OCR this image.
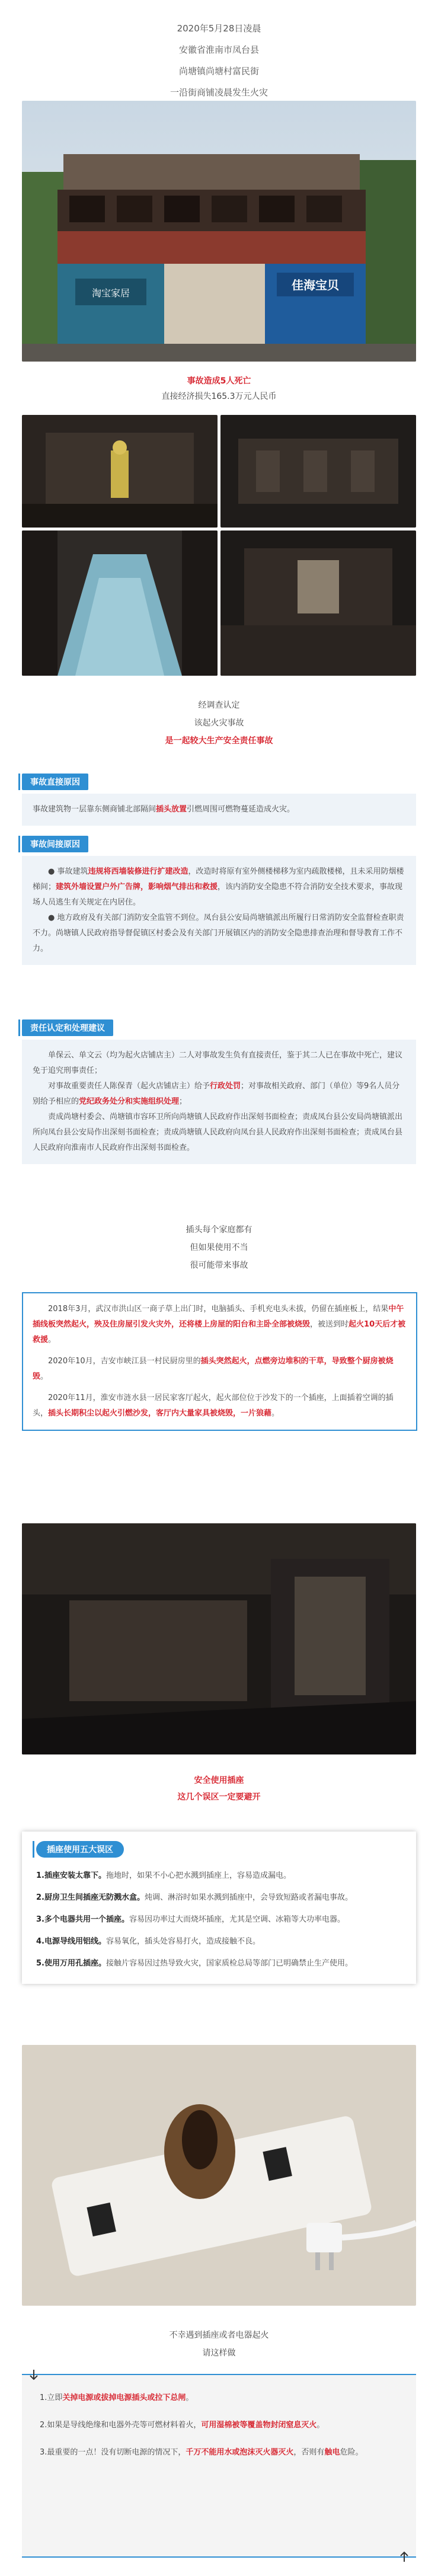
2020年5月28日凌晨

安徽省淮南市凤台县

尚塘镇尚塘村富民街

一沿街商铺凌晨发生火灾

佳海宝贝
淘宝家居

事故造成5人死亡

直接经济损失165.3万元人民币

经调查认定

该起火灾事故

是一起较大生产安全责任事故

事故直接原因

事故建筑物一层靠东侧商铺北部隔间插头放置引燃周围可燃物蔓延造成火灾。

事故间接原因

● 事故建筑违规将西墙装修进行扩建改造，改造时将原有室外侧楼梯移为室内疏散楼梯，且未采用防烟楼梯间；建筑外墙设置户外广告牌，影响烟气排出和救援，该内消防安全隐患不符合消防安全技术要求，事故现场人员逃生有关规定在内居住。

● 地方政府及有关部门消防安全监管不到位。凤台县公安局尚塘镇派出所履行日常消防安全监督检查职责不力。尚塘镇人民政府指导督促镇区村委会及有关部门开展镇区内的消防安全隐患排查治理和督导教育工作不力。

责任认定和处理建议

单保云、单文云（均为起火店铺店主）二人对事故发生负有直接责任，鉴于其二人已在事故中死亡，建议免于追究刑事责任；

对事故重要责任人陈保青（起火店铺店主）给予行政处罚；对事故相关政府、部门（单位）等9名人员分别给予相应的党纪政务处分和实施组织处理；

责成尚塘村委会、尚塘镇市容环卫所向尚塘镇人民政府作出深刻书面检查；责成凤台县公安局尚塘镇派出所向凤台县公安局作出深刻书面检查；责成尚塘镇人民政府向凤台县人民政府作出深刻书面检查；责成凤台县人民政府向淮南市人民政府作出深刻书面检查。

插头每个家庭都有

但如果使用不当

很可能带来事故

2018年3月，武汉市洪山区一商子草上出门时，电脑插头、手机充电头未拔，仍留在插座板上，结果中午插线板突然起火，殃及住房屋引发火灾外，还将楼上房屋的阳台和主卧全部被烧毁，被送到时起火10天后才被救援。

2020年10月，吉安市峡江县一村民厨房里的插头突然起火，点燃旁边堆积的干草，导致整个厨房被烧毁。

2020年11月，淮安市涟水县一居民家客厅起火，起火部位位于沙发下的一个插座，上面插着空调的插头，插头长期积尘以起火引燃沙发，客厅内大量家具被烧毁，一片狼藉。

安全使用插座

这几个误区一定要避开

插座使用五大误区

1.插座安装太靠下。拖地时，如果不小心把水溅到插座上，容易造成漏电。

2.厨房卫生间插座无防溅水盒。炖调、淋浴时如果水溅到插座中，会导致短路或者漏电事故。

3.多个电器共用一个插座。容易因功率过大而烧坏插座，尤其是空调、冰箱等大功率电器。

4.电源导线用铝线。容易氧化，插头处容易打火，造成接触不良。

5.使用万用孔插座。接触片容易因过热导致火灾，国家质检总局等部门已明确禁止生产使用。

不幸遇到插座或者电器起火

请这样做

1.立即关掉电源或拔掉电源插头或拉下总闸。

2.如果是导线绝缘和电器外壳等可燃材料着火，可用湿棉被等覆盖物封闭窒息灭火。

3.最重要的一点！没有切断电源的情况下，千万不能用水或泡沫灭火器灭火，否则有触电危险。
